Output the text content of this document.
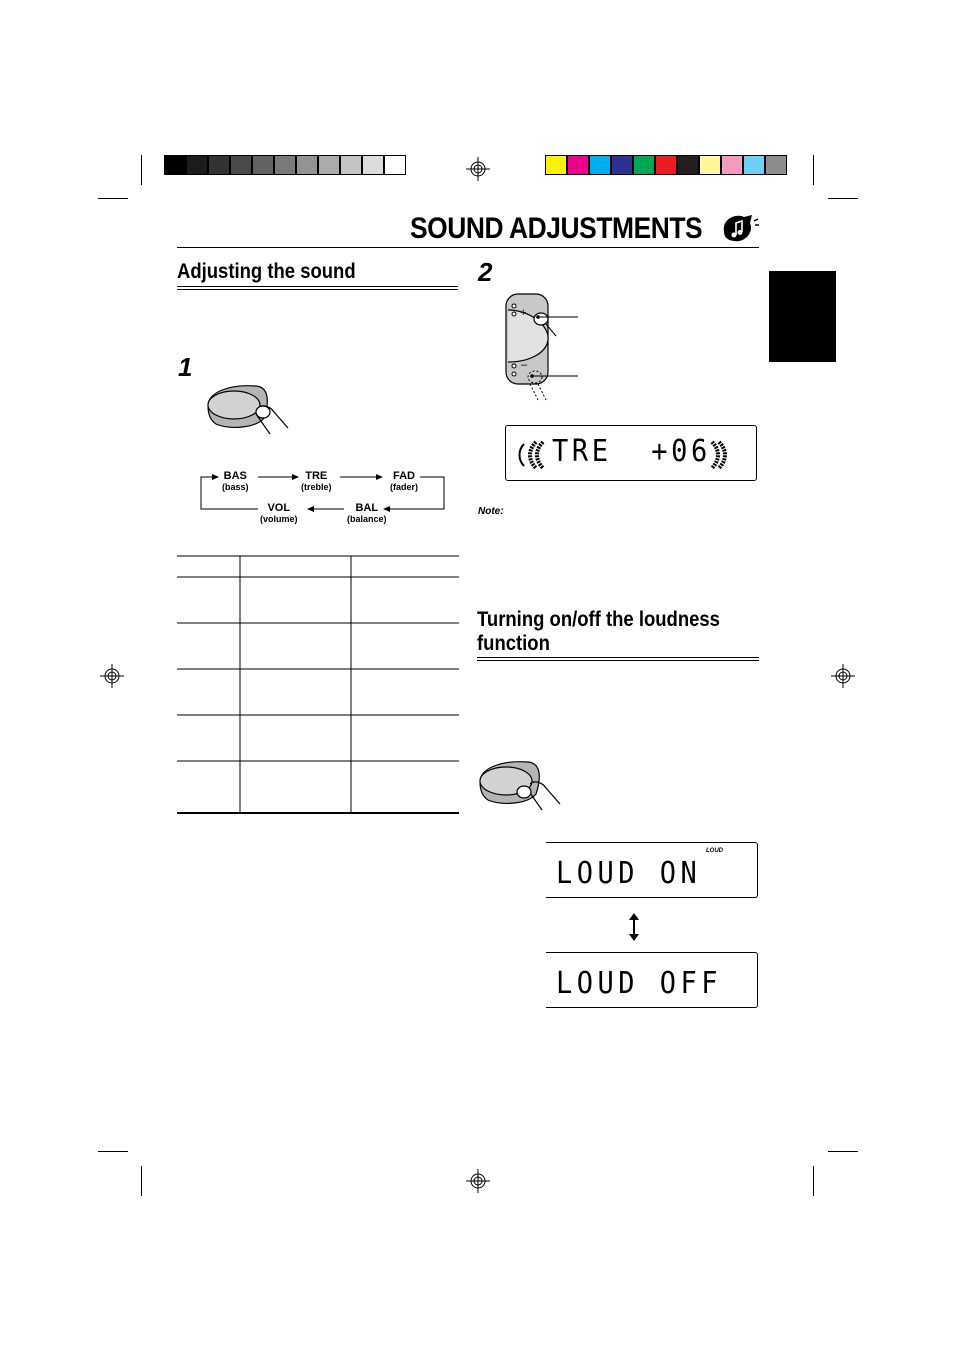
SOUND ADJUSTMENTS
Adjusting the sound
1
BAS
(bass)
TRE
(treble)
FAD
(fader)
VOL
(volume)
BAL
(balance)
2
+
–
TRE  +06
Note:
Turning on/off the loudness
function
LOUD
LOUD ON
LOUD OFF
